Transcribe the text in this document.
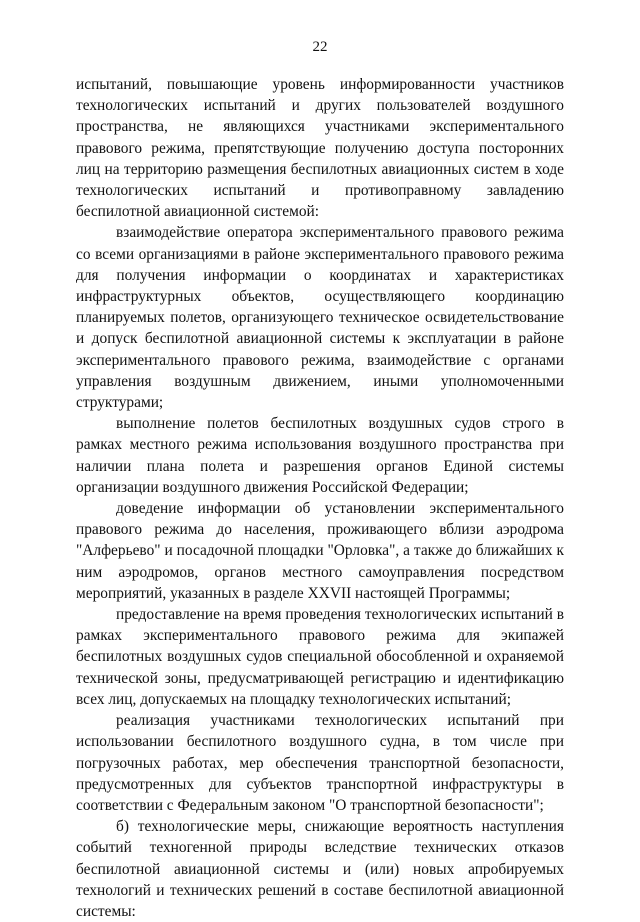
22

испытаний, повышающие уровень информированности участников технологических испытаний и других пользователей воздушного пространства, не являющихся участниками экспериментального правового режима, препятствующие получению доступа посторонних лиц на территорию размещения беспилотных авиационных систем в ходе технологических испытаний и противоправному завладению беспилотной авиационной системой:

взаимодействие оператора экспериментального правового режима со всеми организациями в районе экспериментального правового режима для получения информации о координатах и характеристиках инфраструктурных объектов, осуществляющего координацию планируемых полетов, организующего техническое освидетельствование и допуск беспилотной авиационной системы к эксплуатации в районе экспериментального правового режима, взаимодействие с органами управления воздушным движением, иными уполномоченными структурами;

выполнение полетов беспилотных воздушных судов строго в рамках местного режима использования воздушного пространства при наличии плана полета и разрешения органов Единой системы организации воздушного движения Российской Федерации;

доведение информации об установлении экспериментального правового режима до населения, проживающего вблизи аэродрома "Алферьево" и посадочной площадки "Орловка", а также до ближайших к ним аэродромов, органов местного самоуправления посредством мероприятий, указанных в разделе XXVII настоящей Программы;

предоставление на время проведения технологических испытаний в рамках экспериментального правового режима для экипажей беспилотных воздушных судов специальной обособленной и охраняемой технической зоны, предусматривающей регистрацию и идентификацию всех лиц, допускаемых на площадку технологических испытаний;

реализация участниками технологических испытаний при использовании беспилотного воздушного судна, в том числе при погрузочных работах, мер обеспечения транспортной безопасности, предусмотренных для субъектов транспортной инфраструктуры в соответствии с Федеральным законом "О транспортной безопасности";

б) технологические меры, снижающие вероятность наступления событий техногенной природы вследствие технических отказов беспилотной авиационной системы и (или) новых апробируемых технологий и технических решений в составе беспилотной авиационной системы:
